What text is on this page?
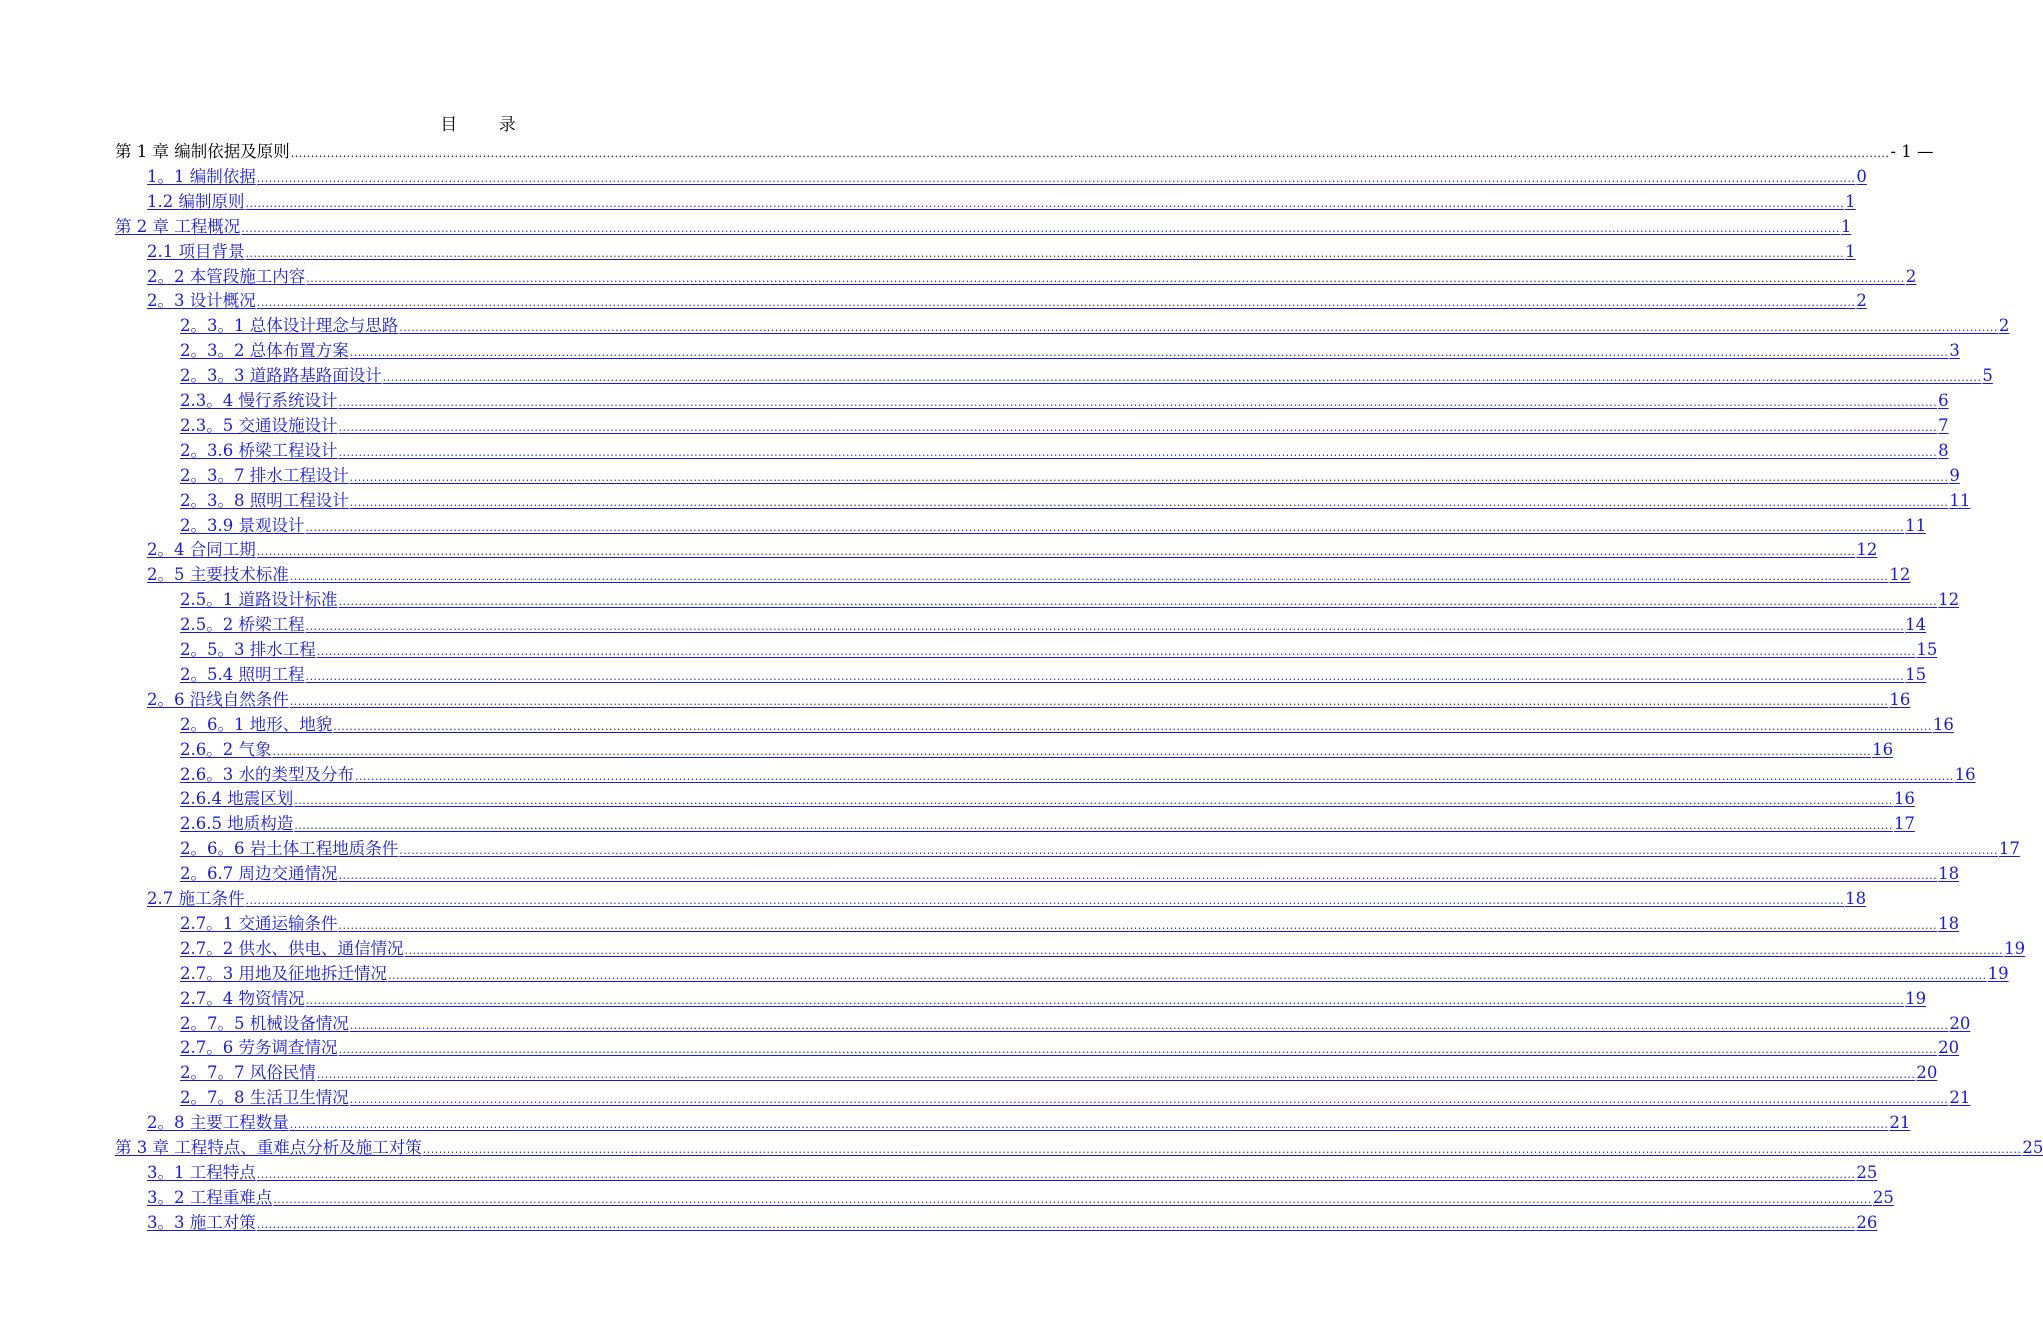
目 录
第 1 章 编制依据及原则 ................................................................................................................................................................................................................................................................................................................................................................................................................ - 1 —
1。1 编制依据 ................................................................................................................................................................................................................................................................................................................................................................................................................ 0
1.2 编制原则 ................................................................................................................................................................................................................................................................................................................................................................................................................ 1
第 2 章 工程概况 ................................................................................................................................................................................................................................................................................................................................................................................................................ 1
2.1 项目背景 ................................................................................................................................................................................................................................................................................................................................................................................................................ 1
2。2 本管段施工内容 ................................................................................................................................................................................................................................................................................................................................................................................................................ 2
2。3 设计概况 ................................................................................................................................................................................................................................................................................................................................................................................................................ 2
2。3。1 总体设计理念与思路 ................................................................................................................................................................................................................................................................................................................................................................................................................ 2
2。3。2 总体布置方案 ................................................................................................................................................................................................................................................................................................................................................................................................................ 3
2。3。3 道路路基路面设计 ................................................................................................................................................................................................................................................................................................................................................................................................................ 5
2.3。4 慢行系统设计 ................................................................................................................................................................................................................................................................................................................................................................................................................ 6
2.3。5 交通设施设计 ................................................................................................................................................................................................................................................................................................................................................................................................................ 7
2。3.6 桥梁工程设计 ................................................................................................................................................................................................................................................................................................................................................................................................................ 8
2。3。7 排水工程设计 ................................................................................................................................................................................................................................................................................................................................................................................................................ 9
2。3。8 照明工程设计 ................................................................................................................................................................................................................................................................................................................................................................................................................ 11
2。3.9 景观设计 ................................................................................................................................................................................................................................................................................................................................................................................................................ 11
2。4 合同工期 ................................................................................................................................................................................................................................................................................................................................................................................................................ 12
2。5 主要技术标准 ................................................................................................................................................................................................................................................................................................................................................................................................................ 12
2.5。1 道路设计标准 ................................................................................................................................................................................................................................................................................................................................................................................................................ 12
2.5。2 桥梁工程 ................................................................................................................................................................................................................................................................................................................................................................................................................ 14
2。5。3 排水工程 ................................................................................................................................................................................................................................................................................................................................................................................................................ 15
2。5.4 照明工程 ................................................................................................................................................................................................................................................................................................................................................................................................................ 15
2。6 沿线自然条件 ................................................................................................................................................................................................................................................................................................................................................................................................................ 16
2。6。1 地形、地貌 ................................................................................................................................................................................................................................................................................................................................................................................................................ 16
2.6。2 气象 ................................................................................................................................................................................................................................................................................................................................................................................................................ 16
2.6。3 水的类型及分布 ................................................................................................................................................................................................................................................................................................................................................................................................................ 16
2.6.4 地震区划 ................................................................................................................................................................................................................................................................................................................................................................................................................ 16
2.6.5 地质构造 ................................................................................................................................................................................................................................................................................................................................................................................................................ 17
2。6。6 岩土体工程地质条件 ................................................................................................................................................................................................................................................................................................................................................................................................................ 17
2。6.7 周边交通情况 ................................................................................................................................................................................................................................................................................................................................................................................................................ 18
2.7 施工条件 ................................................................................................................................................................................................................................................................................................................................................................................................................ 18
2.7。1 交通运输条件 ................................................................................................................................................................................................................................................................................................................................................................................................................ 18
2.7。2 供水、供电、通信情况 ................................................................................................................................................................................................................................................................................................................................................................................................................ 19
2.7。3 用地及征地拆迁情况 ................................................................................................................................................................................................................................................................................................................................................................................................................ 19
2.7。4 物资情况 ................................................................................................................................................................................................................................................................................................................................................................................................................ 19
2。7。5 机械设备情况 ................................................................................................................................................................................................................................................................................................................................................................................................................ 20
2.7。6 劳务调查情况 ................................................................................................................................................................................................................................................................................................................................................................................................................ 20
2。7。7 风俗民情 ................................................................................................................................................................................................................................................................................................................................................................................................................ 20
2。7。8 生活卫生情况 ................................................................................................................................................................................................................................................................................................................................................................................................................ 21
2。8 主要工程数量 ................................................................................................................................................................................................................................................................................................................................................................................................................ 21
第 3 章 工程特点、重难点分析及施工对策 ................................................................................................................................................................................................................................................................................................................................................................................................................ 25
3。1 工程特点 ................................................................................................................................................................................................................................................................................................................................................................................................................ 25
3。2 工程重难点 ................................................................................................................................................................................................................................................................................................................................................................................................................ 25
3。3 施工对策 ................................................................................................................................................................................................................................................................................................................................................................................................................ 26
